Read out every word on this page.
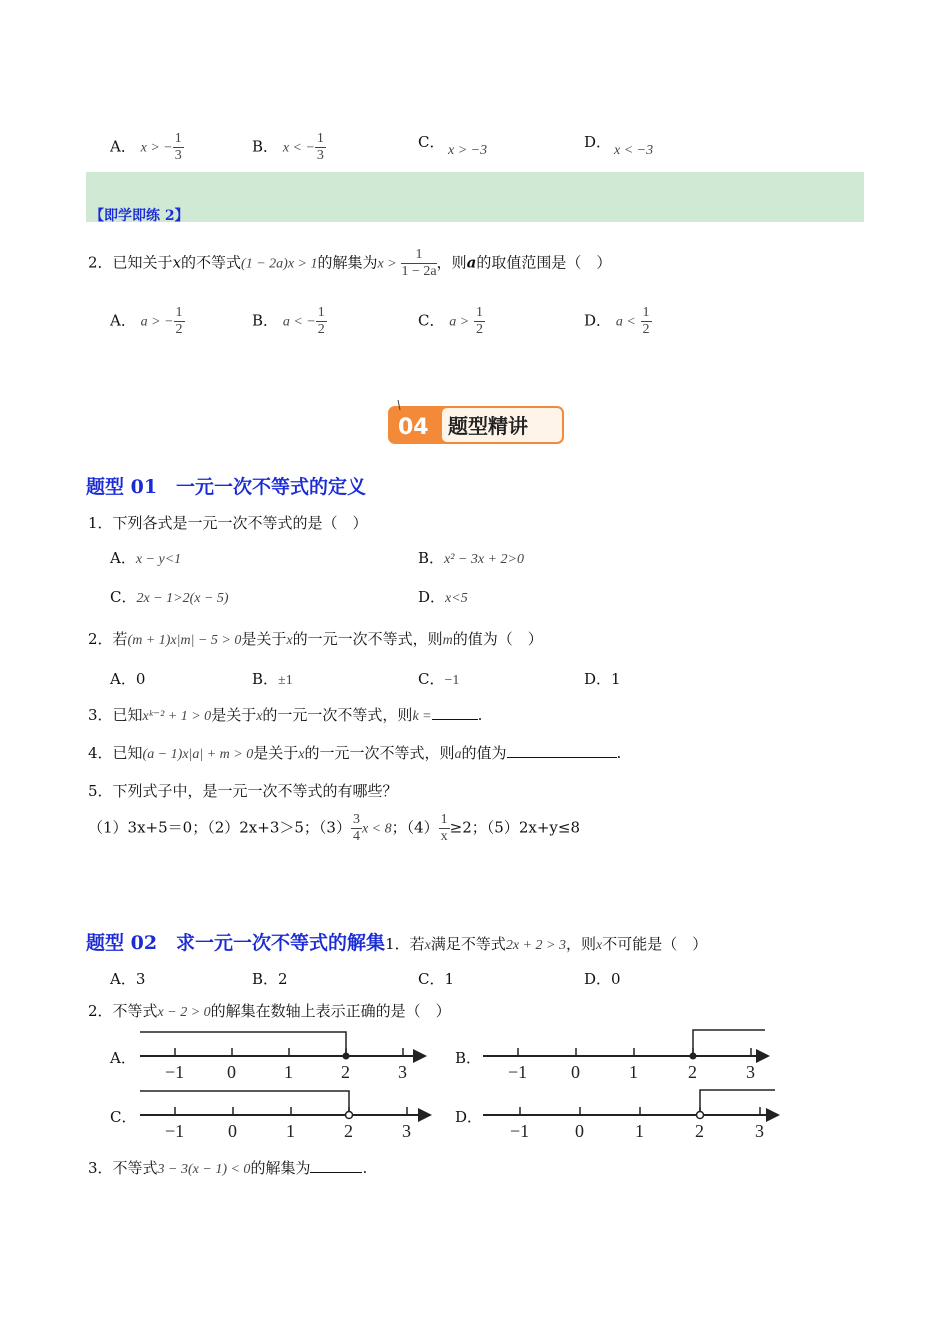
A． x > − $\frac{1}{3}$	B． x < − $\frac{1}{3}$	C． x > −3	D． x < −3
【即学即练 2】
2．已知关于x的不等式(1 − 2a)x > 1的解集为$x > \frac{1}{1 - 2a}$ ，则a的取值范围是（　）
A． a > − $\frac{1}{2}$	B． a < − $\frac{1}{2}$	C． $a > \frac{1}{2}$	D． $a < \frac{1}{2}$
04 题型精讲
题型 01　一元一次不等式的定义
1．下列各式是一元一次不等式的是（　）
A．x − y<1	B．x² − 3x + 2>0
C．2x − 1>2(x − 5)	D．x<5
2．若(m + 1)x|m| − 5 > 0是关于x的一元一次不等式，则m的值为（　）
A．0	B．±1	C．−1	D．1
3．已知xᵏ⁻² + 1 > 0是关于x的一元一次不等式，则k =	.
4．已知(a − 1)x|a| + m > 0是关于x的一元一次不等式，则a的值为	.
5．下列式子中，是一元一次不等式的有哪些？
（1）3x+5＝0；（2）2x+3＞5；$(3) \frac{3}{4}$ x < 8；$(4) \frac{1}{x} \ge 2$；（5）2x+y≤8
题型 02　求一元一次不等式的解集1．若x满足不等式2x + 2 > 3，则x不可能是（　）
A．3	B．2	C．1	D．0
2．不等式x − 2 > 0的解集在数轴上表示正确的是（　）
A．
−1 0	1	2	3
B．
−1 0	1	2	3
C．
−1 0	1	2	3
D．
−1	0	1	2	3
3．不等式3 − 3(x − 1) < 0的解集为	.
